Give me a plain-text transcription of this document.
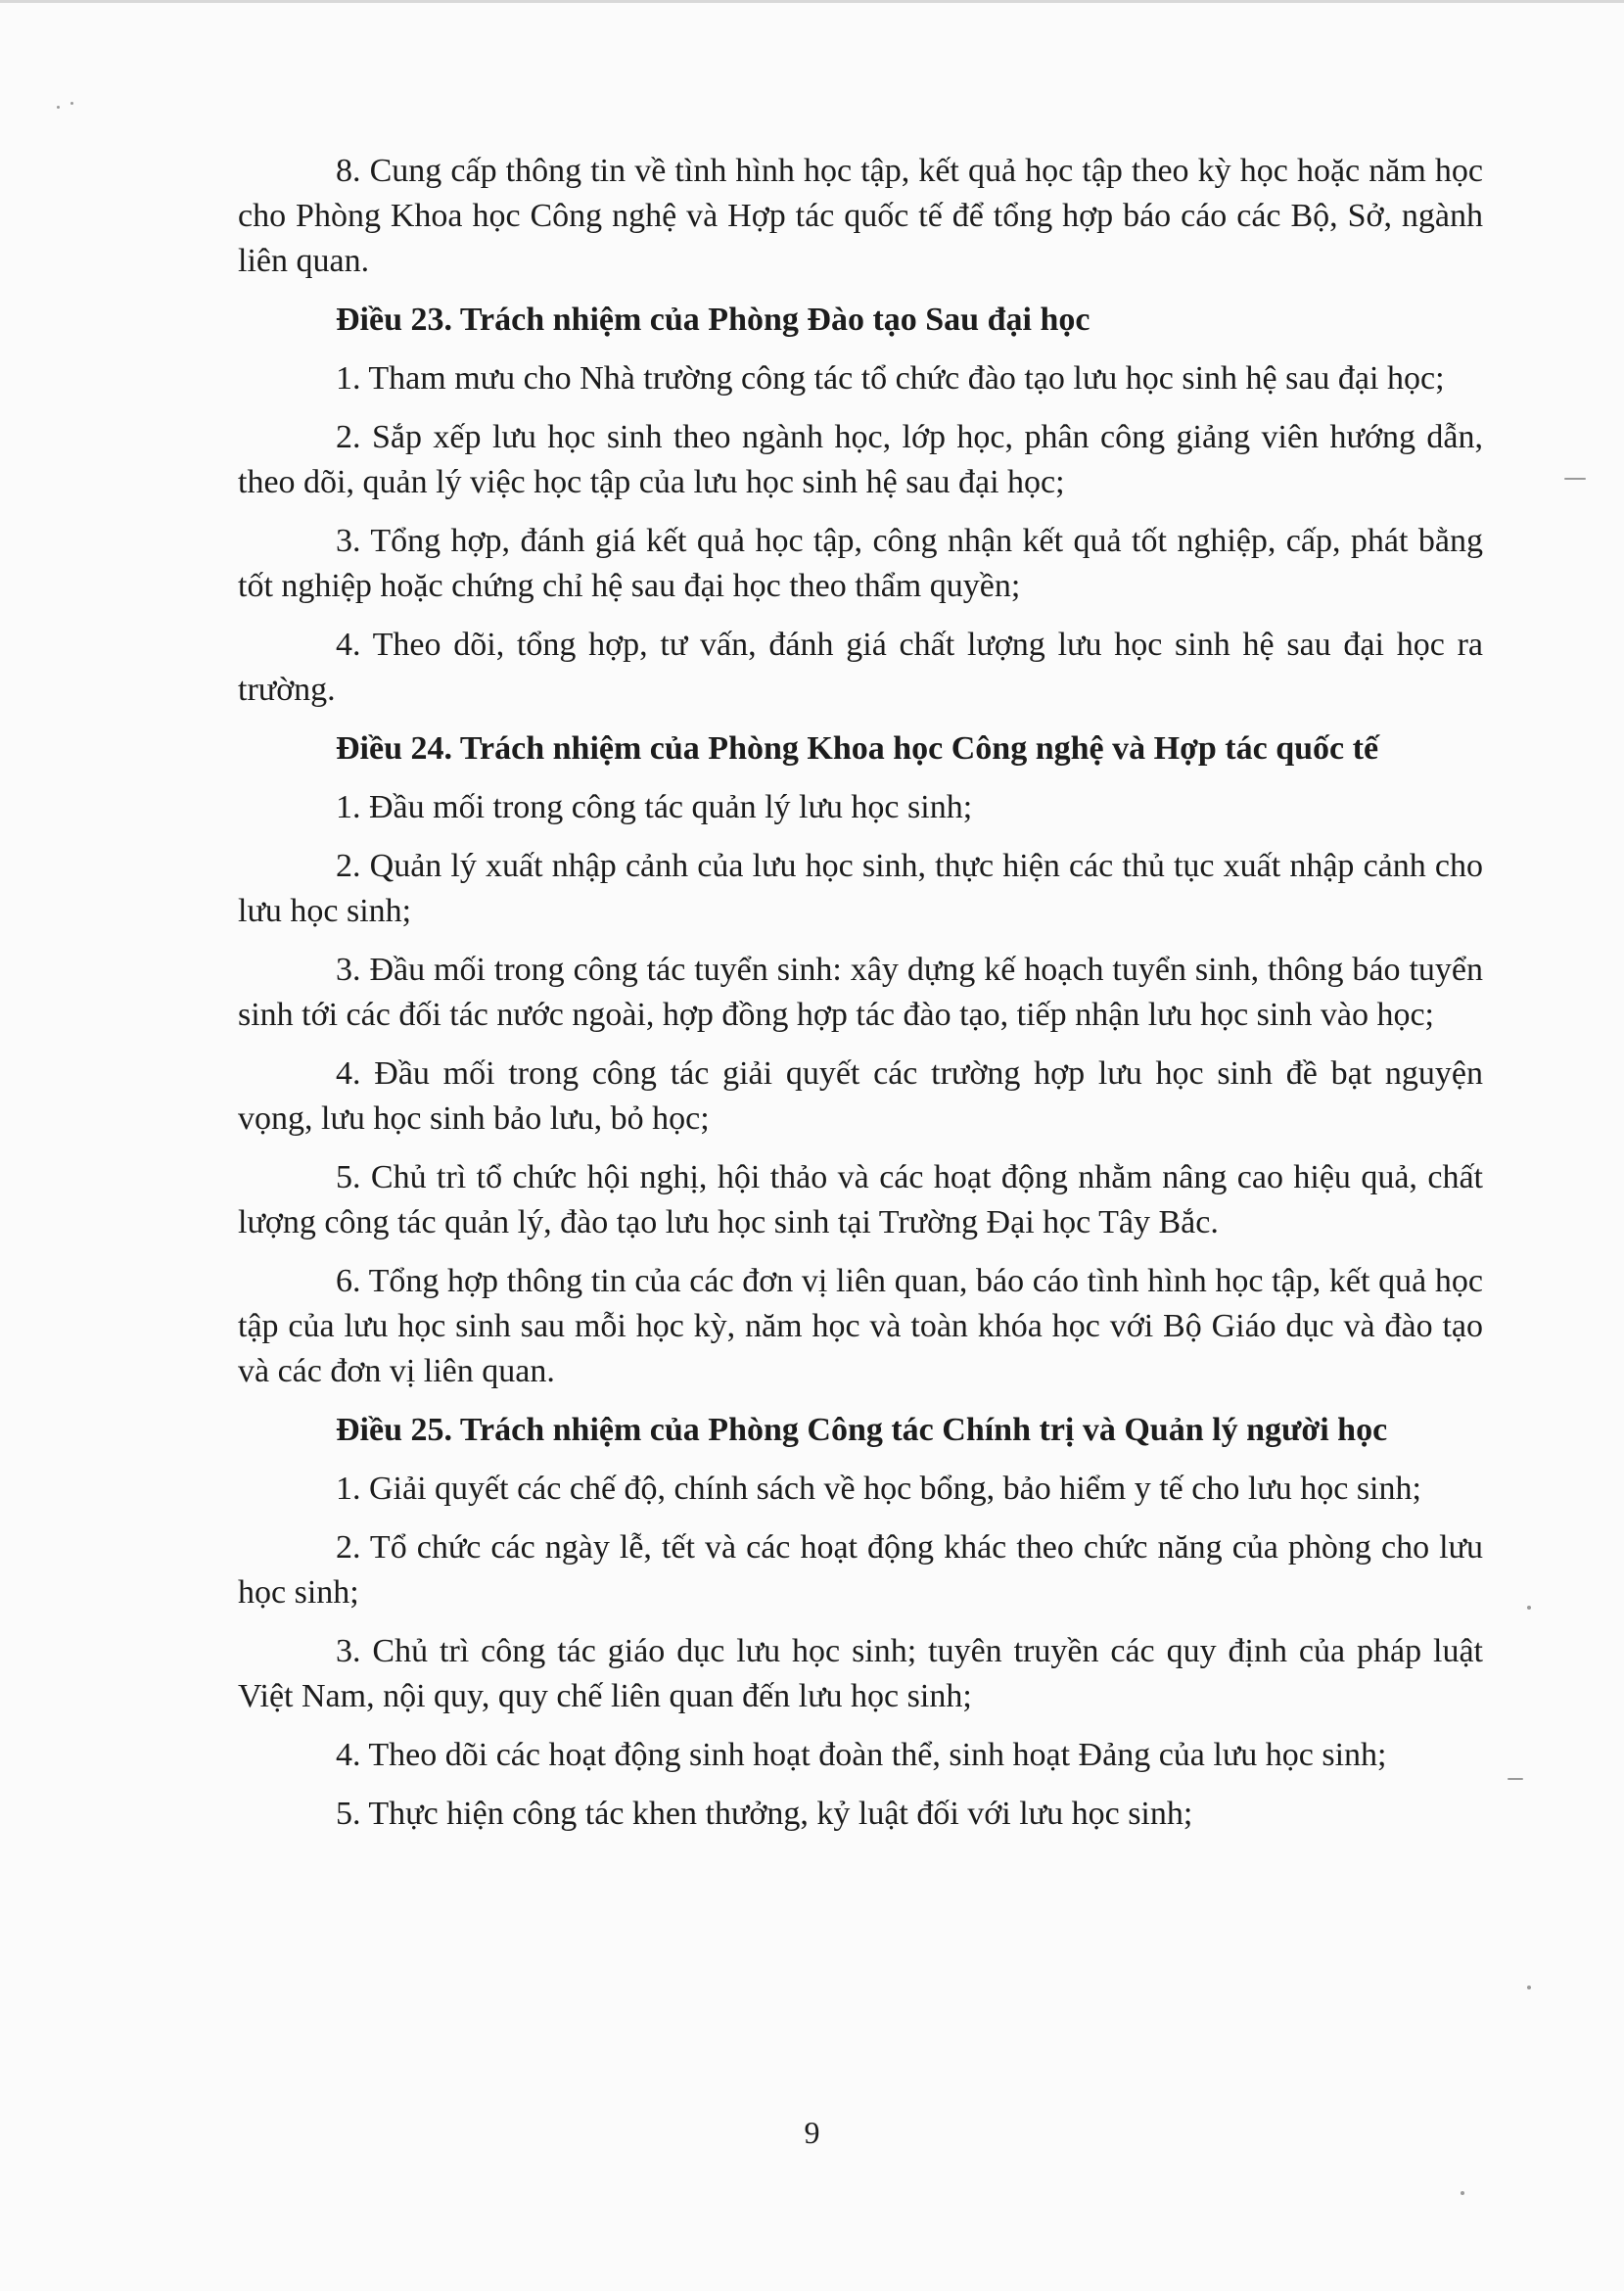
8. Cung cấp thông tin về tình hình học tập, kết quả học tập theo kỳ học hoặc năm học cho Phòng Khoa học Công nghệ và Hợp tác quốc tế để tổng hợp báo cáo các Bộ, Sở, ngành liên quan.

Điều 23. Trách nhiệm của Phòng Đào tạo Sau đại học

1. Tham mưu cho Nhà trường công tác tổ chức đào tạo lưu học sinh hệ sau đại học;

2. Sắp xếp lưu học sinh theo ngành học, lớp học, phân công giảng viên hướng dẫn, theo dõi, quản lý việc học tập của lưu học sinh hệ sau đại học;

3. Tổng hợp, đánh giá kết quả học tập, công nhận kết quả tốt nghiệp, cấp, phát bằng tốt nghiệp hoặc chứng chỉ hệ sau đại học theo thẩm quyền;

4. Theo dõi, tổng hợp, tư vấn, đánh giá chất lượng lưu học sinh hệ sau đại học ra trường.

Điều 24. Trách nhiệm của Phòng Khoa học Công nghệ và Hợp tác quốc tế

1. Đầu mối trong công tác quản lý lưu học sinh;

2. Quản lý xuất nhập cảnh của lưu học sinh, thực hiện các thủ tục xuất nhập cảnh cho lưu học sinh;

3. Đầu mối trong công tác tuyển sinh: xây dựng kế hoạch tuyển sinh, thông báo tuyển sinh tới các đối tác nước ngoài, hợp đồng hợp tác đào tạo, tiếp nhận lưu học sinh vào học;

4. Đầu mối trong công tác giải quyết các trường hợp lưu học sinh đề bạt nguyện vọng, lưu học sinh bảo lưu, bỏ học;

5. Chủ trì tổ chức hội nghị, hội thảo và các hoạt động nhằm nâng cao hiệu quả, chất lượng công tác quản lý, đào tạo lưu học sinh tại Trường Đại học Tây Bắc.

6. Tổng hợp thông tin của các đơn vị liên quan, báo cáo tình hình học tập, kết quả học tập của lưu học sinh sau mỗi học kỳ, năm học và toàn khóa học với Bộ Giáo dục và đào tạo và các đơn vị liên quan.

Điều 25. Trách nhiệm của Phòng Công tác Chính trị và Quản lý người học

1. Giải quyết các chế độ, chính sách về học bổng, bảo hiểm y tế cho lưu học sinh;

2. Tổ chức các ngày lễ, tết và các hoạt động khác theo chức năng của phòng cho lưu học sinh;

3. Chủ trì công tác giáo dục lưu học sinh; tuyên truyền các quy định của pháp luật Việt Nam, nội quy, quy chế liên quan đến lưu học sinh;

4. Theo dõi các hoạt động sinh hoạt đoàn thể, sinh hoạt Đảng của lưu học sinh;

5. Thực hiện công tác khen thưởng, kỷ luật đối với lưu học sinh;

9
